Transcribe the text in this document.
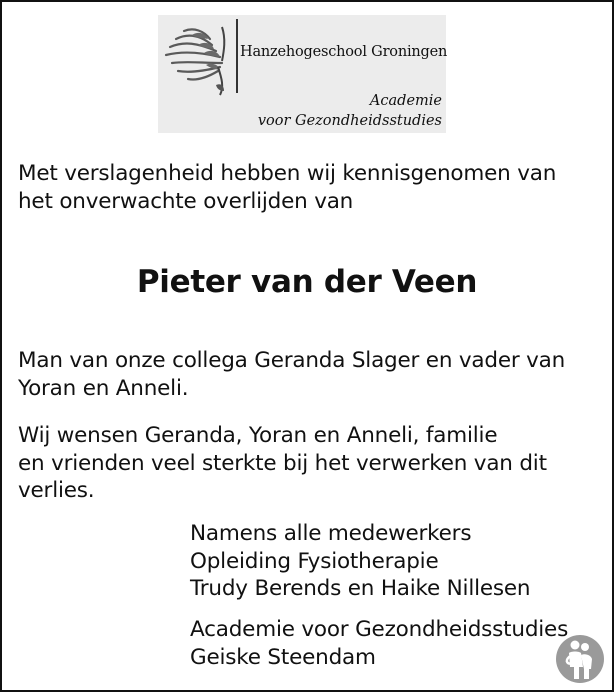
Hanzehogeschool Groningen
Academie
voor Gezondheidsstudies
Met verslagenheid hebben wij kennisgenomen van
het onverwachte overlijden van
Pieter van der Veen
Man van onze collega Geranda Slager en vader van
Yoran en Anneli.
Wij wensen Geranda, Yoran en Anneli, familie
en vrienden veel sterkte bij het verwerken van dit
verlies.
Namens alle medewerkers
Opleiding Fysiotherapie
Trudy Berends en Haike Nillesen
Academie voor Gezondheidsstudies
Geiske Steendam
